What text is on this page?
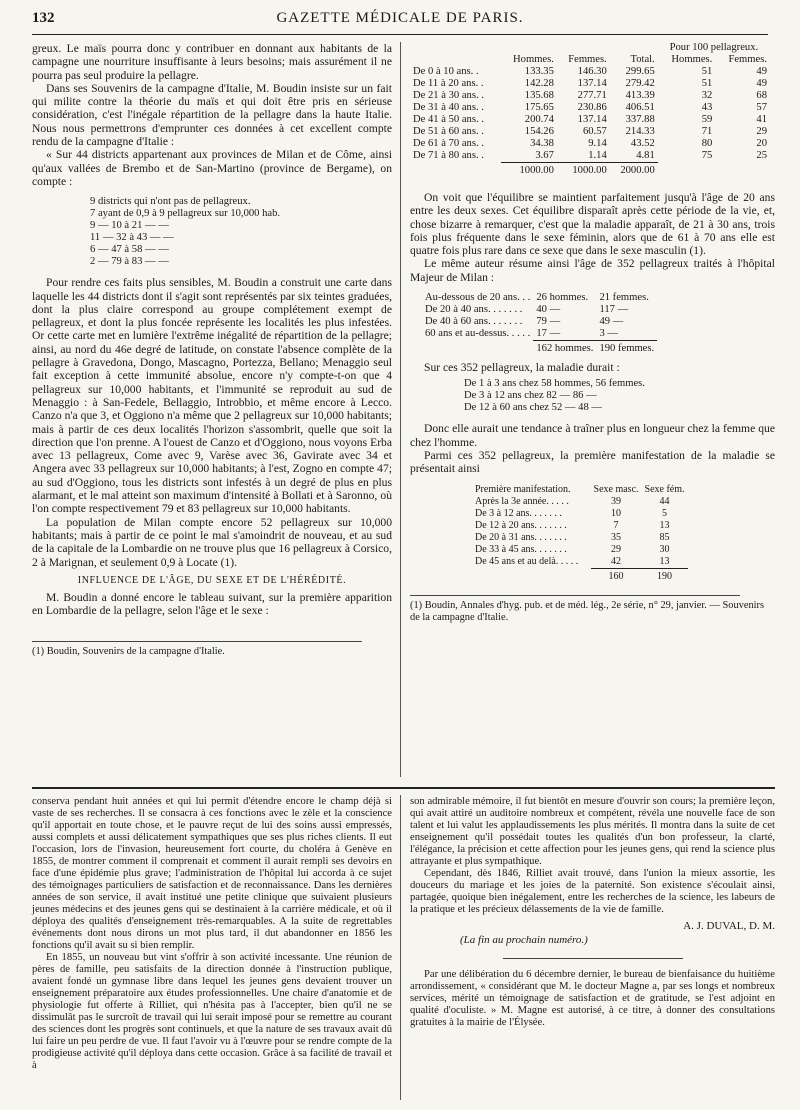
132	GAZETTE MÉDICALE DE PARIS.

greux. Le maïs pourra donc y contribuer en donnant aux habitants de la campagne une nourriture insuffisante à leurs besoins; mais assurément il ne pourra pas seul produire la pellagre.

Dans ses Souvenirs de la campagne d'Italie, M. Boudin insiste sur un fait qui milite contre la théorie du maïs et qui doit être pris en sérieuse considération, c'est l'inégale répartition de la pellagre dans la haute Italie. Nous nous permettrons d'emprunter ces données à cet excellent compte rendu de la campagne d'Italie :

« Sur 44 districts appartenant aux provinces de Milan et de Côme, ainsi qu'aux vallées de Brembo et de San-Martino (province de Bergame), on compte :

9 districts qui n'ont pas de pellagreux.
7 ayant de 0,9 à 9 pellagreux sur 10,000 hab.
9 — 10 à 21 — —
11 — 32 à 43 — —
6 — 47 à 58 — —
2 — 79 à 83 — —

Pour rendre ces faits plus sensibles, M. Boudin a construit une carte dans laquelle les 44 districts dont il s'agit sont représentés par six teintes graduées, dont la plus claire correspond au groupe complétement exempt de pellagreux, et dont la plus foncée représente les localités les plus infestées. Or cette carte met en lumière l'extrême inégalité de répartition de la pellagre; ainsi, au nord du 46e degré de latitude, on constate l'absence complète de la pellagre à Gravedona, Dongo, Mascagno, Portezza, Bellano; Menaggio seul fait exception à cette immunité absolue, encore n'y compte-t-on que 4 pellagreux sur 10,000 habitants, et l'immunité se reproduit au sud de Menaggio : à San-Fedele, Bellaggio, Introbbio, et même encore à Lecco. Canzo n'a que 3, et Oggiono n'a même que 2 pellagreux sur 10,000 habitants; mais à partir de ces deux localités l'horizon s'assombrit, quelle que soit la direction que l'on prenne. A l'ouest de Canzo et d'Oggiono, nous voyons Erba avec 13 pellagreux, Come avec 9, Varèse avec 36, Gavirate avec 34 et Angera avec 33 pellagreux sur 10,000 habitants; à l'est, Zogno en compte 47; au sud d'Oggiono, tous les districts sont infestés à un degré de plus en plus alarmant, et le mal atteint son maximum d'intensité à Bollati et à Saronno, où l'on compte respectivement 79 et 83 pellagreux sur 10,000 habitants.

La population de Milan compte encore 52 pellagreux sur 10,000 habitants; mais à partir de ce point le mal s'amoindrit de nouveau, et au sud de la capitale de la Lombardie on ne trouve plus que 16 pellagreux à Corsico, 2 à Marignan, et seulement 0,9 à Locate (1).

INFLUENCE DE L'ÂGE, DU SEXE ET DE L'HÉRÉDITÉ.

M. Boudin a donné encore le tableau suivant, sur la première apparition en Lombardie de la pellagre, selon l'âge et le sexe :

(1) Boudin, Souvenirs de la campagne d'Italie.
				Pour 100 pellagreux.	
	Hommes.	Femmes.	Total.	Hommes.	Femmes.
De 0 à 10 ans. .	133.35	146.30	299.65	51	49
De 11 à 20 ans. .	142.28	137.14	279.42	51	49
De 21 à 30 ans. .	135.68	277.71	413.39	32	68
De 31 à 40 ans. .	175.65	230.86	406.51	43	57
De 41 à 50 ans. .	200.74	137.14	337.88	59	41
De 51 à 60 ans. .	154.26	60.57	214.33	71	29
De 61 à 70 ans. .	34.38	9.14	43.52	80	20
De 71 à 80 ans. .	3.67	1.14	4.81	75	25
	1000.00	1000.00	2000.00		

On voit que l'équilibre se maintient parfaitement jusqu'à l'âge de 20 ans entre les deux sexes. Cet équilibre disparaît après cette période de la vie, et, chose bizarre à remarquer, c'est que la maladie apparaît, de 21 à 30 ans, trois fois plus fréquente dans le sexe féminin, alors que de 61 à 70 ans elle est quatre fois plus rare dans ce sexe que dans le sexe masculin (1).

Le même auteur résume ainsi l'âge de 352 pellagreux traités à l'hôpital Majeur de Milan :

Au-dessous de 20 ans. . .	26 hommes.	21 femmes.
De 20 à 40 ans. . . . . . .	40 —	117 —
De 40 à 60 ans. . . . . . .	79 —	49 —
60 ans et au-dessus. . . . .	17 —	3 —
	162 hommes.	190 femmes.

Sur ces 352 pellagreux, la maladie durait :

De 1 à 3 ans chez 58 hommes, 56 femmes.
De 3 à 12 ans chez 82 — 86 —
De 12 à 60 ans chez 52 — 48 —

Donc elle aurait une tendance à traîner plus en longueur chez la femme que chez l'homme.

Parmi ces 352 pellagreux, la première manifestation de la maladie se présentait ainsi

Première manifestation.	Sexe masc.	Sexe fém.
Après la 3e année. . . . .	39	44
De 3 à 12 ans. . . . . . .	10	5
De 12 à 20 ans. . . . . . .	7	13
De 20 à 31 ans. . . . . . .	35	85
De 33 à 45 ans. . . . . . .	29	30
De 45 ans et au delà. . . . .	42	13
	160	190
(1) Boudin, Annales d'hyg. pub. et de méd. lég., 2e série, n° 29, janvier. — Souvenirs de la campagne d'Italie.

conserva pendant huit années et qui lui permit d'étendre encore le champ déjà si vaste de ses recherches. Il se consacra à ces fonctions avec le zèle et la conscience qu'il apportait en toute chose, et le pauvre reçut de lui des soins aussi empressés, aussi complets et aussi délicatement sympathiques que ses plus riches clients. Il eut l'occasion, lors de l'invasion, heureusement fort courte, du choléra à Genève en 1855, de montrer comment il comprenait et comment il aurait rempli ses devoirs en face d'une épidémie plus grave; l'administration de l'hôpital lui accorda à ce sujet des témoignages particuliers de satisfaction et de reconnaissance. Dans les dernières années de son service, il avait institué une petite clinique que suivaient plusieurs jeunes médecins et des jeunes gens qui se destinaient à la carrière médicale, et où il déploya des qualités d'enseignement très-remarquables. A la suite de regrettables événements dont nous dirons un mot plus tard, il dut abandonner en 1856 les fonctions qu'il avait su si bien remplir.

En 1855, un nouveau but vint s'offrir à son activité incessante. Une réunion de pères de famille, peu satisfaits de la direction donnée à l'instruction publique, avaient fondé un gymnase libre dans lequel les jeunes gens devaient trouver un enseignement préparatoire aux études professionnelles. Une chaire d'anatomie et de physiologie fut offerte à Rilliet, qui n'hésita pas à l'accepter, bien qu'il ne se dissimulât pas le surcroît de travail qui lui serait imposé pour se remettre au courant des sciences dont les progrès sont continuels, et que la nature de ses travaux avait dû lui faire un peu perdre de vue. Il faut l'avoir vu à l'œuvre pour se rendre compte de la prodigieuse activité qu'il déploya dans cette occasion. Grâce à sa facilité de travail et à

son admirable mémoire, il fut bientôt en mesure d'ouvrir son cours; la première leçon, qui avait attiré un auditoire nombreux et compétent, révéla une nouvelle face de son talent et lui valut les applaudissements les plus mérités. Il montra dans la suite de cet enseignement qu'il possédait toutes les qualités d'un bon professeur, la clarté, l'élégance, la précision et cette affection pour les jeunes gens, qui rend la science plus attrayante et plus sympathique.

Cependant, dès 1846, Rilliet avait trouvé, dans l'union la mieux assortie, les douceurs du mariage et les joies de la paternité. Son existence s'écoulait ainsi, partagée, quoique bien inégalement, entre les recherches de la science, les labeurs de la pratique et les précieux délassements de la vie de famille.

A. J. DUVAL, D. M.
(La fin au prochain numéro.)

Par une délibération du 6 décembre dernier, le bureau de bienfaisance du huitième arrondissement, « considérant que M. le docteur Magne a, par ses longs et nombreux services, mérité un témoignage de satisfaction et de gratitude, se l'est adjoint en qualité d'oculiste. » M. Magne est autorisé, à ce titre, à donner des consultations gratuites à la mairie de l'Élysée.
